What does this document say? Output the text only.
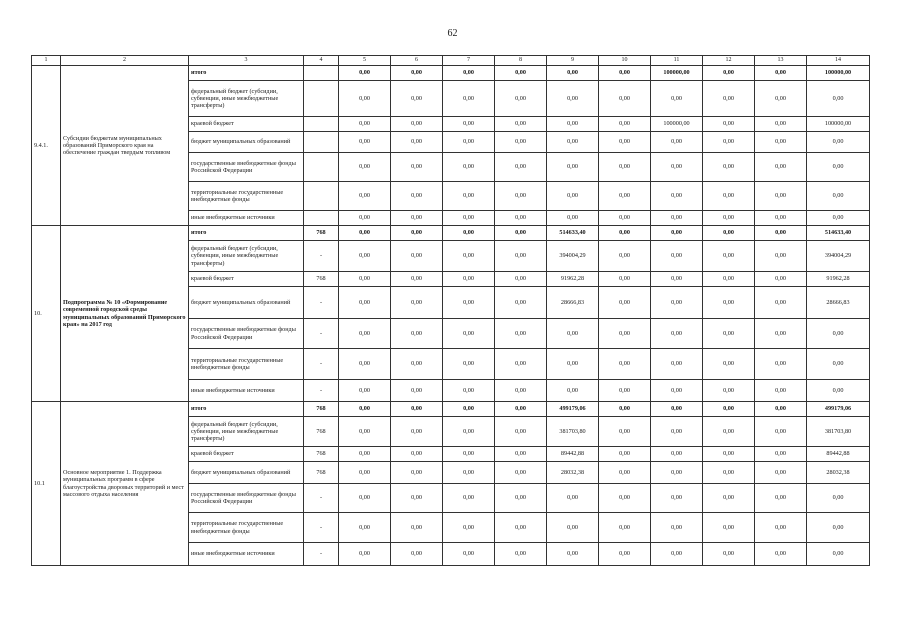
62
1	2	3	4	5	6	7	8	9	10	11	12	13	14
9.4.1.	Субсидии бюджетам муниципальных образований Приморского края на обеспечение граждан твердым топливом	итого		0,00	0,00	0,00	0,00	0,00	0,00	100000,00	0,00	0,00	100000,00
		федеральный бюджет (субсидии, субвенции, иные межбюджетные трансферты)		0,00	0,00	0,00	0,00	0,00	0,00	0,00	0,00	0,00	0,00
		краевой бюджет		0,00	0,00	0,00	0,00	0,00	0,00	100000,00	0,00	0,00	100000,00
		бюджет муниципальных образований		0,00	0,00	0,00	0,00	0,00	0,00	0,00	0,00	0,00	0,00
		государственные внебюджетные фонды Российской Федерации		0,00	0,00	0,00	0,00	0,00	0,00	0,00	0,00	0,00	0,00
		территориальные государственные внебюджетные фонды		0,00	0,00	0,00	0,00	0,00	0,00	0,00	0,00	0,00	0,00
		иные внебюджетные источники		0,00	0,00	0,00	0,00	0,00	0,00	0,00	0,00	0,00	0,00
10.	Подпрограмма № 10 «Формирование современной городской среды муниципальных образований Приморского края» на 2017 год	итого	768	0,00	0,00	0,00	0,00	514633,40	0,00	0,00	0,00	0,00	514633,40
		федеральный бюджет (субсидии, субвенции, иные межбюджетные трансферты)	-	0,00	0,00	0,00	0,00	394004,29	0,00	0,00	0,00	0,00	394004,29
		краевой бюджет	768	0,00	0,00	0,00	0,00	91962,28	0,00	0,00	0,00	0,00	91962,28
		бюджет муниципальных образований	-	0,00	0,00	0,00	0,00	28666,83	0,00	0,00	0,00	0,00	28666,83
		государственные внебюджетные фонды Российской Федерации	-	0,00	0,00	0,00	0,00	0,00	0,00	0,00	0,00	0,00	0,00
		территориальные государственные внебюджетные фонды	-	0,00	0,00	0,00	0,00	0,00	0,00	0,00	0,00	0,00	0,00
		иные внебюджетные источники	-	0,00	0,00	0,00	0,00	0,00	0,00	0,00	0,00	0,00	0,00
10.1	Основное мероприятие 1. Поддержка муниципальных программ в сфере благоустройства дворовых территорий и мест массового отдыха населения	итого	768	0,00	0,00	0,00	0,00	499179,06	0,00	0,00	0,00	0,00	499179,06
		федеральный бюджет (субсидии, субвенции, иные межбюджетные трансферты)	768	0,00	0,00	0,00	0,00	381703,80	0,00	0,00	0,00	0,00	381703,80
		краевой бюджет	768	0,00	0,00	0,00	0,00	89442,88	0,00	0,00	0,00	0,00	89442,88
		бюджет муниципальных образований	768	0,00	0,00	0,00	0,00	28032,38	0,00	0,00	0,00	0,00	28032,38
		государственные внебюджетные фонды Российской Федерации	-	0,00	0,00	0,00	0,00	0,00	0,00	0,00	0,00	0,00	0,00
		территориальные государственные внебюджетные фонды	-	0,00	0,00	0,00	0,00	0,00	0,00	0,00	0,00	0,00	0,00
		иные внебюджетные источники	-	0,00	0,00	0,00	0,00	0,00	0,00	0,00	0,00	0,00	0,00
